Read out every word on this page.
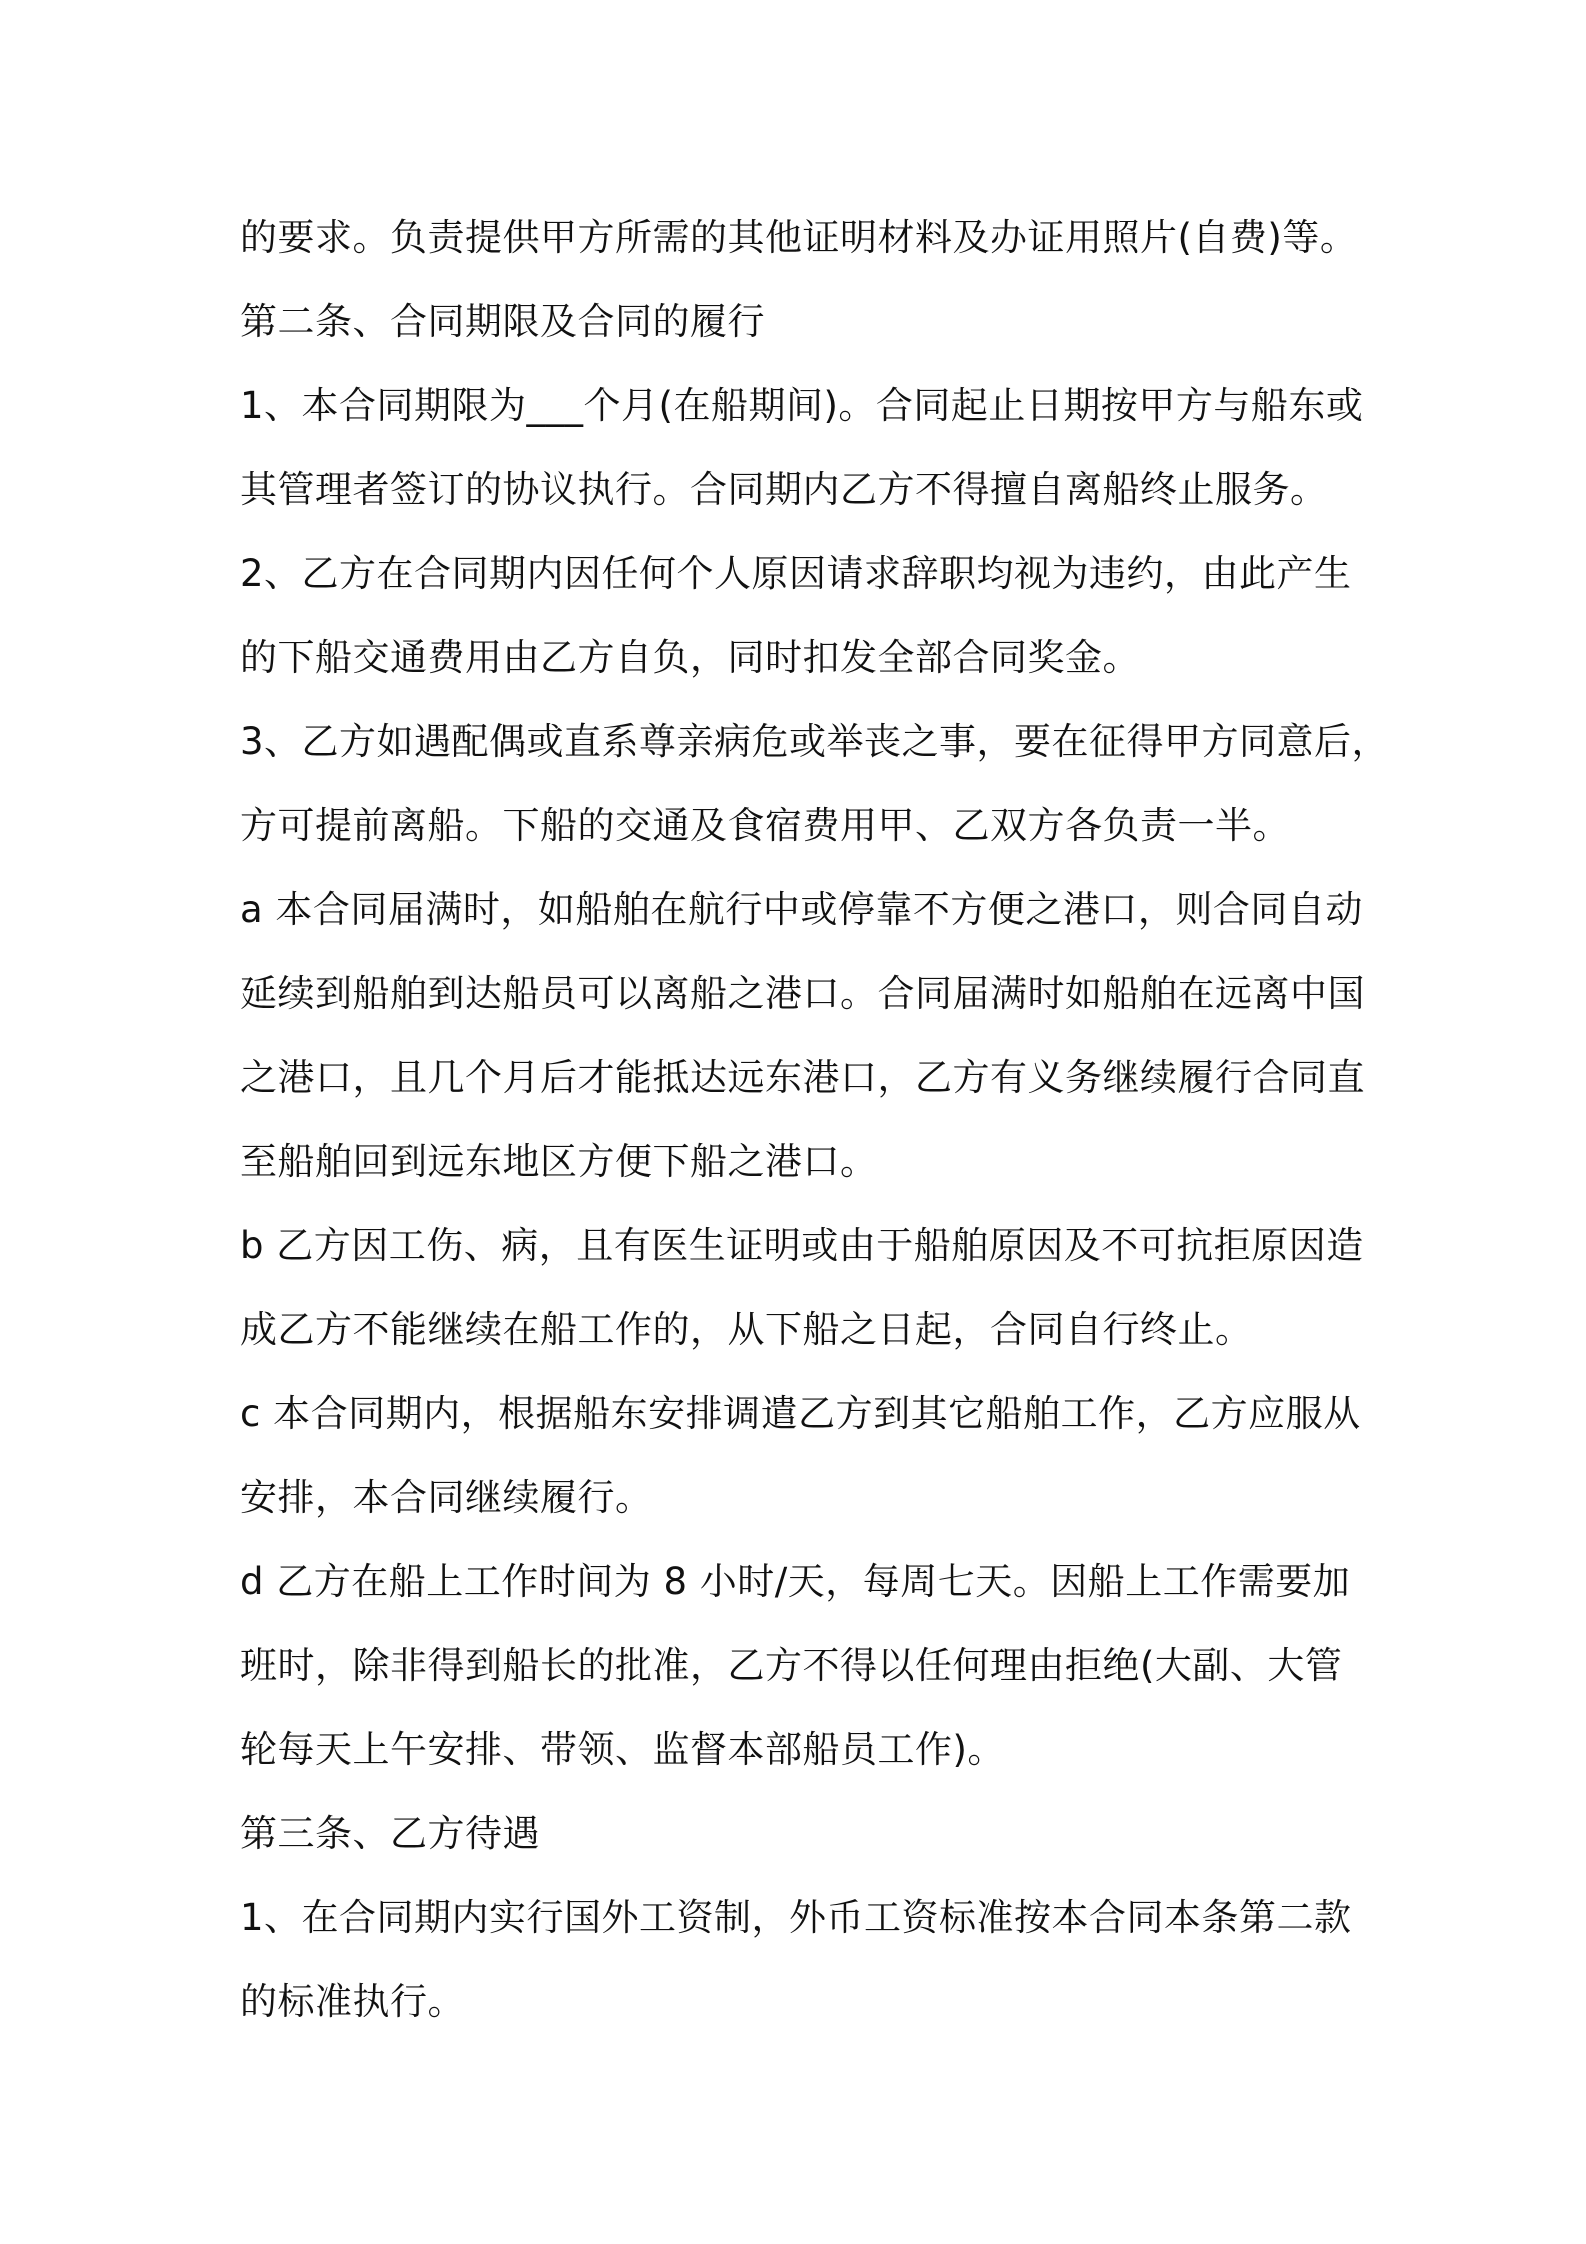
的要求。负责提供甲方所需的其他证明材料及办证用照片(自费)等。
第二条、合同期限及合同的履行
1、本合同期限为___个月(在船期间)。合同起止日期按甲方与船东或
其管理者签订的协议执行。合同期内乙方不得擅自离船终止服务。
2、乙方在合同期内因任何个人原因请求辞职均视为违约，由此产生
的下船交通费用由乙方自负，同时扣发全部合同奖金。
3、乙方如遇配偶或直系尊亲病危或举丧之事，要在征得甲方同意后，
方可提前离船。下船的交通及食宿费用甲、乙双方各负责一半。
a 本合同届满时，如船舶在航行中或停靠不方便之港口，则合同自动
延续到船舶到达船员可以离船之港口。合同届满时如船舶在远离中国
之港口，且几个月后才能抵达远东港口，乙方有义务继续履行合同直
至船舶回到远东地区方便下船之港口。
b 乙方因工伤、病，且有医生证明或由于船舶原因及不可抗拒原因造
成乙方不能继续在船工作的，从下船之日起，合同自行终止。
c 本合同期内，根据船东安排调遣乙方到其它船舶工作，乙方应服从
安排，本合同继续履行。
d 乙方在船上工作时间为 8 小时/天，每周七天。因船上工作需要加
班时，除非得到船长的批准，乙方不得以任何理由拒绝(大副、大管
轮每天上午安排、带领、监督本部船员工作)。
第三条、乙方待遇
1、在合同期内实行国外工资制，外币工资标准按本合同本条第二款
的标准执行。
